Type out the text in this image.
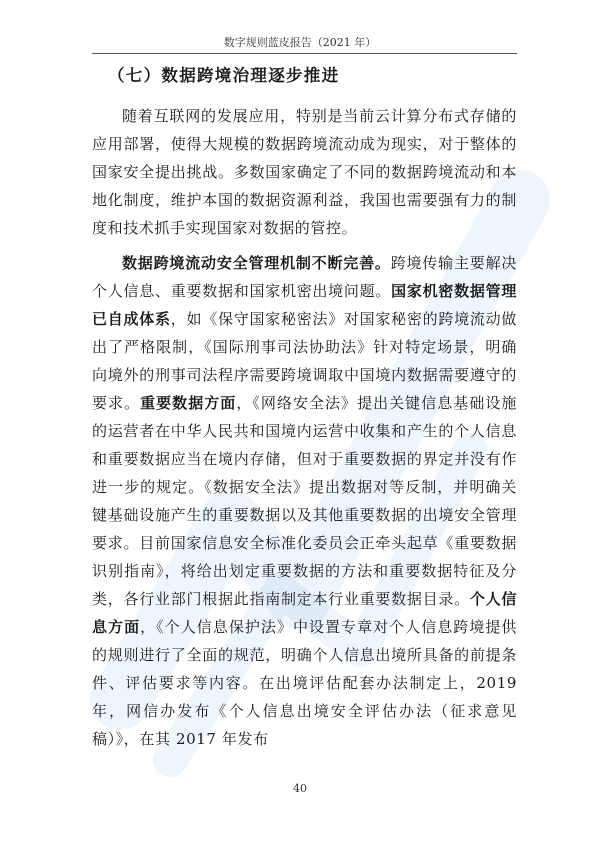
数字规则蓝皮报告（2021 年）
（七）数据跨境治理逐步推进

随着互联网的发展应用，特别是当前云计算分布式存储的应用部署，使得大规模的数据跨境流动成为现实，对于整体的国家安全提出挑战。多数国家确定了不同的数据跨境流动和本地化制度，维护本国的数据资源利益，我国也需要强有力的制度和技术抓手实现国家对数据的管控。

数据跨境流动安全管理机制不断完善。跨境传输主要解决个人信息、重要数据和国家机密出境问题。国家机密数据管理已自成体系，如《保守国家秘密法》对国家秘密的跨境流动做出了严格限制，《国际刑事司法协助法》针对特定场景，明确向境外的刑事司法程序需要跨境调取中国境内数据需要遵守的要求。重要数据方面，《网络安全法》提出关键信息基础设施的运营者在中华人民共和国境内运营中收集和产生的个人信息和重要数据应当在境内存储，但对于重要数据的界定并没有作进一步的规定。《数据安全法》提出数据对等反制，并明确关键基础设施产生的重要数据以及其他重要数据的出境安全管理要求。目前国家信息安全标准化委员会正牵头起草《重要数据识别指南》，将给出划定重要数据的方法和重要数据特征及分类，各行业部门根据此指南制定本行业重要数据目录。个人信息方面，《个人信息保护法》中设置专章对个人信息跨境提供的规则进行了全面的规范，明确个人信息出境所具备的前提条件、评估要求等内容。在出境评估配套办法制定上，2019 年，网信办发布《个人信息出境安全评估办法（征求意见稿）》，在其 2017 年发布

40
